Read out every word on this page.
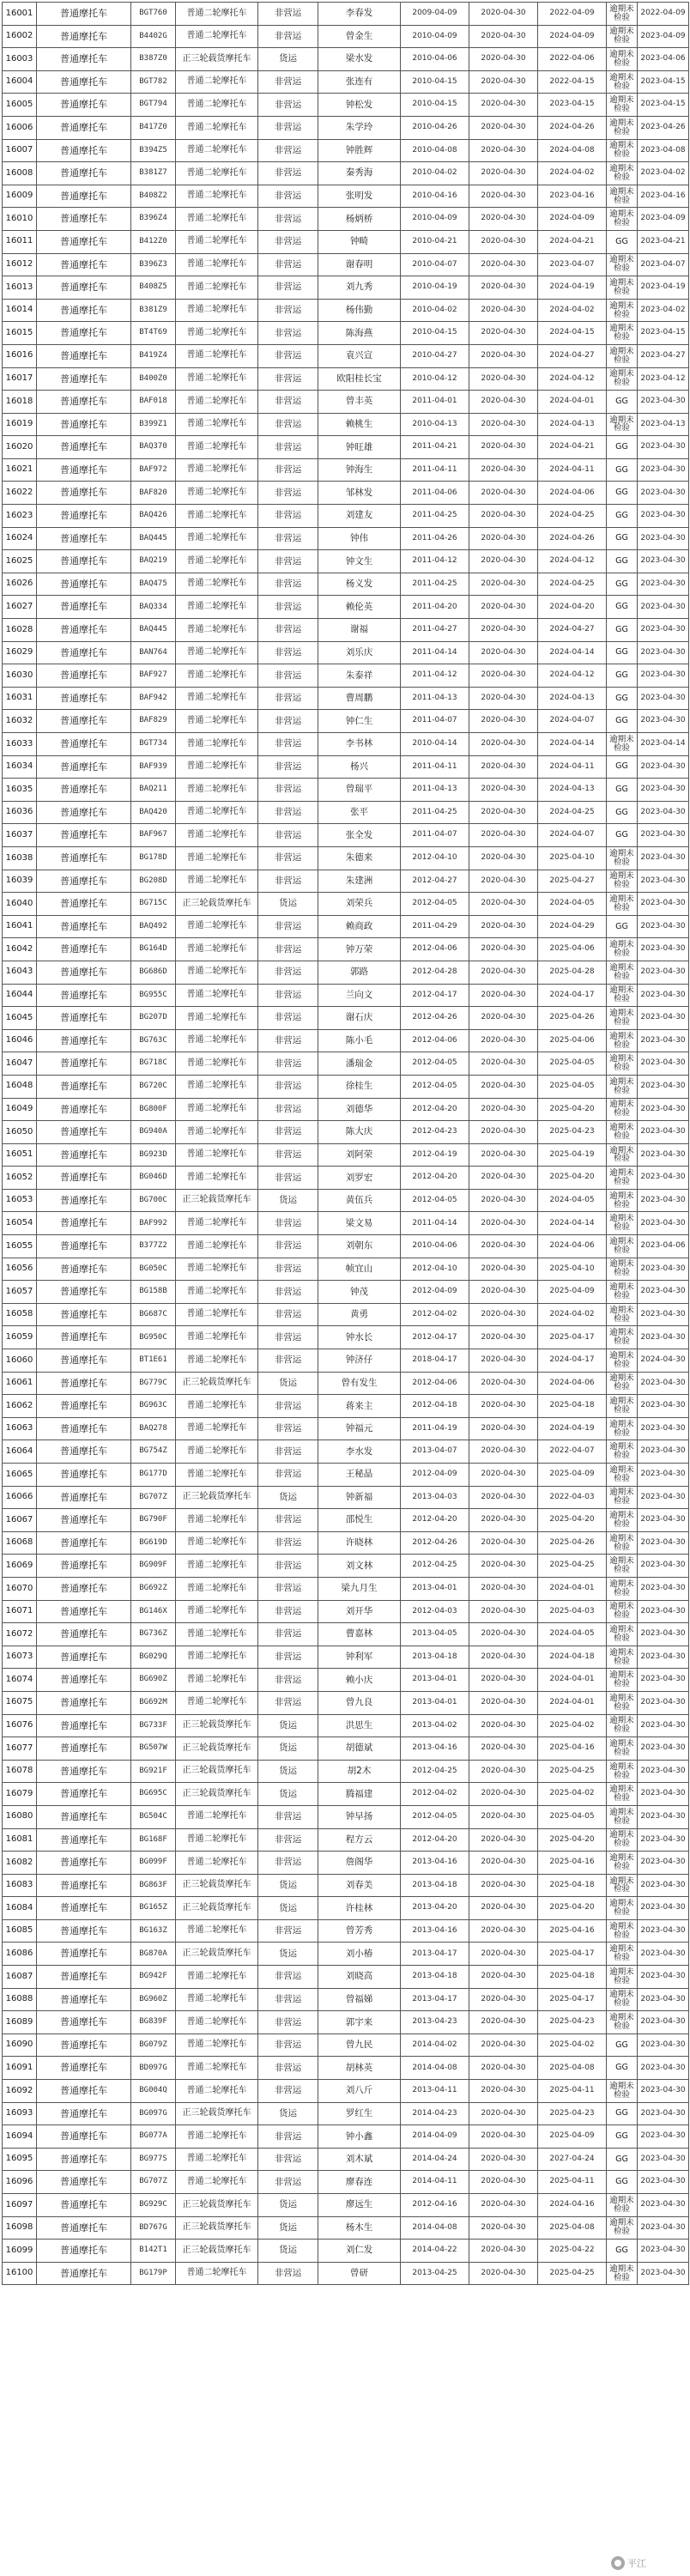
16001	普通摩托车	BGT760	普通二轮摩托车	非营运	李春发	2009-04-09	2020-04-30	2022-04-09	逾期未检验	2022-04-09
16002	普通摩托车	B4402G	普通二轮摩托车	非营运	曾金生	2010-04-09	2020-04-30	2024-04-09	逾期未检验	2023-04-09
16003	普通摩托车	B387Z0	正三轮载货摩托车	货运	梁水发	2010-04-06	2020-04-30	2022-04-06	逾期未检验	2023-04-06
16004	普通摩托车	BGT782	普通二轮摩托车	非营运	张连有	2010-04-15	2020-04-30	2022-04-15	逾期未检验	2023-04-15
16005	普通摩托车	BGT794	普通二轮摩托车	非营运	钟松发	2010-04-15	2020-04-30	2023-04-15	逾期未检验	2023-04-15
16006	普通摩托车	B417Z0	普通二轮摩托车	非营运	朱学玲	2010-04-26	2020-04-30	2024-04-26	逾期未检验	2023-04-26
16007	普通摩托车	B394Z5	普通二轮摩托车	非营运	钟胜辉	2010-04-08	2020-04-30	2024-04-08	逾期未检验	2023-04-08
16008	普通摩托车	B381Z7	普通二轮摩托车	非营运	秦秀海	2010-04-02	2020-04-30	2024-04-02	逾期未检验	2023-04-02
16009	普通摩托车	B408Z2	普通二轮摩托车	非营运	张明发	2010-04-16	2020-04-30	2023-04-16	逾期未检验	2023-04-16
16010	普通摩托车	B396Z4	普通二轮摩托车	非营运	杨炳桥	2010-04-09	2020-04-30	2024-04-09	逾期未检验	2023-04-09
16011	普通摩托车	B412Z0	普通二轮摩托车	非营运	钟畸	2010-04-21	2020-04-30	2024-04-21	GG	2023-04-21
16012	普通摩托车	B396Z3	普通二轮摩托车	非营运	谢春明	2010-04-07	2020-04-30	2023-04-07	逾期未检验	2023-04-07
16013	普通摩托车	B408Z5	普通二轮摩托车	非营运	刘九秀	2010-04-19	2020-04-30	2024-04-19	逾期未检验	2023-04-19
16014	普通摩托车	B381Z9	普通二轮摩托车	非营运	杨伟勤	2010-04-02	2020-04-30	2024-04-02	逾期未检验	2023-04-02
16015	普通摩托车	BT4T69	普通二轮摩托车	非营运	陈海燕	2010-04-15	2020-04-30	2024-04-15	逾期未检验	2023-04-15
16016	普通摩托车	B419Z4	普通二轮摩托车	非营运	袁兴宣	2010-04-27	2020-04-30	2024-04-27	逾期未检验	2023-04-27
16017	普通摩托车	B400Z0	普通二轮摩托车	非营运	欧阳桂长宝	2010-04-12	2020-04-30	2024-04-12	逾期未检验	2023-04-12
16018	普通摩托车	BAF018	普通二轮摩托车	非营运	曾丰英	2011-04-01	2020-04-30	2024-04-01	GG	2023-04-30
16019	普通摩托车	B399Z1	普通二轮摩托车	非营运	赖桃生	2010-04-13	2020-04-30	2024-04-13	逾期未检验	2023-04-13
16020	普通摩托车	BAQ370	普通二轮摩托车	非营运	钟旺雄	2011-04-21	2020-04-30	2024-04-21	GG	2023-04-30
16021	普通摩托车	BAF972	普通二轮摩托车	非营运	钟海生	2011-04-11	2020-04-30	2024-04-11	GG	2023-04-30
16022	普通摩托车	BAF820	普通二轮摩托车	非营运	邹林发	2011-04-06	2020-04-30	2024-04-06	GG	2023-04-30
16023	普通摩托车	BAQ426	普通二轮摩托车	非营运	刘建友	2011-04-25	2020-04-30	2024-04-25	GG	2023-04-30
16024	普通摩托车	BAQ445	普通二轮摩托车	非营运	钟伟	2011-04-26	2020-04-30	2024-04-26	GG	2023-04-30
16025	普通摩托车	BAQ219	普通二轮摩托车	非营运	钟文生	2011-04-12	2020-04-30	2024-04-12	GG	2023-04-30
16026	普通摩托车	BAQ475	普通二轮摩托车	非营运	杨义发	2011-04-25	2020-04-30	2024-04-25	GG	2023-04-30
16027	普通摩托车	BAQ334	普通二轮摩托车	非营运	赖伦英	2011-04-20	2020-04-30	2024-04-20	GG	2023-04-30
16028	普通摩托车	BAQ445	普通二轮摩托车	非营运	谢福	2011-04-27	2020-04-30	2024-04-27	GG	2023-04-30
16029	普通摩托车	BAN764	普通二轮摩托车	非营运	刘乐庆	2011-04-14	2020-04-30	2024-04-14	GG	2023-04-30
16030	普通摩托车	BAF927	普通二轮摩托车	非营运	朱泰祥	2011-04-12	2020-04-30	2024-04-12	GG	2023-04-30
16031	普通摩托车	BAF942	普通二轮摩托车	非营运	曹周鹏	2011-04-13	2020-04-30	2024-04-13	GG	2023-04-30
16032	普通摩托车	BAF829	普通二轮摩托车	非营运	钟仁生	2011-04-07	2020-04-30	2024-04-07	GG	2023-04-30
16033	普通摩托车	BGT734	普通二轮摩托车	非营运	李书林	2010-04-14	2020-04-30	2024-04-14	逾期未检验	2023-04-14
16034	普通摩托车	BAF939	普通二轮摩托车	非营运	杨兴	2011-04-11	2020-04-30	2024-04-11	GG	2023-04-30
16035	普通摩托车	BAQ211	普通二轮摩托车	非营运	曾瑞平	2011-04-13	2020-04-30	2024-04-13	GG	2023-04-30
16036	普通摩托车	BAQ420	普通二轮摩托车	非营运	张平	2011-04-25	2020-04-30	2024-04-25	GG	2023-04-30
16037	普通摩托车	BAF967	普通二轮摩托车	非营运	张全发	2011-04-07	2020-04-30	2024-04-07	GG	2023-04-30
16038	普通摩托车	BG178D	普通二轮摩托车	非营运	朱德来	2012-04-10	2020-04-30	2025-04-10	逾期未检验	2023-04-30
16039	普通摩托车	BG208D	普通二轮摩托车	非营运	朱建洲	2012-04-27	2020-04-30	2025-04-27	逾期未检验	2023-04-30
16040	普通摩托车	BG715C	正三轮载货摩托车	货运	刘荣兵	2012-04-05	2020-04-30	2024-04-05	逾期未检验	2023-04-30
16041	普通摩托车	BAQ492	普通二轮摩托车	非营运	赖商政	2011-04-29	2020-04-30	2024-04-29	GG	2023-04-30
16042	普通摩托车	BG164D	普通二轮摩托车	非营运	钟万荣	2012-04-06	2020-04-30	2025-04-06	逾期未检验	2023-04-30
16043	普通摩托车	BG686D	普通二轮摩托车	非营运	郭路	2012-04-28	2020-04-30	2025-04-28	逾期未检验	2023-04-30
16044	普通摩托车	BG955C	普通二轮摩托车	非营运	兰向文	2012-04-17	2020-04-30	2024-04-17	逾期未检验	2023-04-30
16045	普通摩托车	BG207D	普通二轮摩托车	非营运	谢石庆	2012-04-26	2020-04-30	2025-04-26	逾期未检验	2023-04-30
16046	普通摩托车	BG763C	普通二轮摩托车	非营运	陈小毛	2012-04-06	2020-04-30	2025-04-06	逾期未检验	2023-04-30
16047	普通摩托车	BG718C	普通二轮摩托车	非营运	潘瑞金	2012-04-05	2020-04-30	2025-04-05	逾期未检验	2023-04-30
16048	普通摩托车	BG720C	普通二轮摩托车	非营运	徐桂生	2012-04-05	2020-04-30	2025-04-05	逾期未检验	2023-04-30
16049	普通摩托车	BG800F	普通二轮摩托车	非营运	刘德华	2012-04-20	2020-04-30	2025-04-20	逾期未检验	2023-04-30
16050	普通摩托车	BG940A	普通二轮摩托车	非营运	陈大庆	2012-04-23	2020-04-30	2025-04-23	逾期未检验	2023-04-30
16051	普通摩托车	BG923D	普通二轮摩托车	非营运	刘阿荣	2012-04-19	2020-04-30	2025-04-19	逾期未检验	2023-04-30
16052	普通摩托车	BG046D	普通二轮摩托车	非营运	刘罗宏	2012-04-20	2020-04-30	2025-04-20	逾期未检验	2023-04-30
16053	普通摩托车	BG700C	正三轮载货摩托车	货运	黄伍兵	2012-04-05	2020-04-30	2024-04-05	逾期未检验	2023-04-30
16054	普通摩托车	BAF992	普通二轮摩托车	非营运	梁文易	2011-04-14	2020-04-30	2024-04-14	逾期未检验	2023-04-30
16055	普通摩托车	B377Z2	普通二轮摩托车	非营运	刘朝东	2010-04-06	2020-04-30	2024-04-06	逾期未检验	2023-04-06
16056	普通摩托车	BG050C	普通二轮摩托车	非营运	帧宜山	2012-04-10	2020-04-30	2025-04-10	逾期未检验	2023-04-30
16057	普通摩托车	BG158B	普通二轮摩托车	非营运	钟茂	2012-04-09	2020-04-30	2025-04-09	逾期未检验	2023-04-30
16058	普通摩托车	BG687C	普通二轮摩托车	非营运	黄勇	2012-04-02	2020-04-30	2024-04-02	逾期未检验	2023-04-30
16059	普通摩托车	BG950C	普通二轮摩托车	非营运	钟水长	2012-04-17	2020-04-30	2025-04-17	逾期未检验	2023-04-30
16060	普通摩托车	BT1E61	普通二轮摩托车	非营运	钟济仔	2018-04-17	2020-04-30	2024-04-17	逾期未检验	2024-04-30
16061	普通摩托车	BG779C	正三轮载货摩托车	货运	曾有发生	2012-04-06	2020-04-30	2024-04-06	逾期未检验	2023-04-30
16062	普通摩托车	BG963C	普通二轮摩托车	非营运	蒋来主	2012-04-18	2020-04-30	2025-04-18	逾期未检验	2023-04-30
16063	普通摩托车	BAQ278	普通二轮摩托车	非营运	钟福元	2011-04-19	2020-04-30	2024-04-19	逾期未检验	2023-04-30
16064	普通摩托车	BG754Z	普通二轮摩托车	非营运	李水发	2013-04-07	2020-04-30	2022-04-07	逾期未检验	2023-04-30
16065	普通摩托车	BG177D	普通二轮摩托车	非营运	王秘晶	2012-04-09	2020-04-30	2025-04-09	逾期未检验	2023-04-30
16066	普通摩托车	BG707Z	正三轮载货摩托车	货运	钟新福	2013-04-03	2020-04-30	2022-04-03	逾期未检验	2023-04-30
16067	普通摩托车	BG790F	普通二轮摩托车	非营运	邵悦生	2012-04-20	2020-04-30	2025-04-20	逾期未检验	2023-04-30
16068	普通摩托车	BG619D	普通二轮摩托车	非营运	许晓林	2012-04-26	2020-04-30	2025-04-26	逾期未检验	2023-04-30
16069	普通摩托车	BG909F	普通二轮摩托车	非营运	刘文林	2012-04-25	2020-04-30	2025-04-25	逾期未检验	2023-04-30
16070	普通摩托车	BG692Z	普通二轮摩托车	非营运	梁九月生	2013-04-01	2020-04-30	2024-04-01	逾期未检验	2023-04-30
16071	普通摩托车	BG146X	普通二轮摩托车	非营运	刘开华	2012-04-03	2020-04-30	2025-04-03	逾期未检验	2023-04-30
16072	普通摩托车	BG736Z	普通二轮摩托车	非营运	曹嘉林	2013-04-05	2020-04-30	2024-04-05	逾期未检验	2023-04-30
16073	普通摩托车	BG029Q	普通二轮摩托车	非营运	钟利军	2013-04-18	2020-04-30	2024-04-18	逾期未检验	2023-04-30
16074	普通摩托车	BG690Z	普通二轮摩托车	非营运	赖小庆	2013-04-01	2020-04-30	2024-04-01	逾期未检验	2023-04-30
16075	普通摩托车	BG692M	普通二轮摩托车	非营运	曾九良	2013-04-01	2020-04-30	2024-04-01	逾期未检验	2023-04-30
16076	普通摩托车	BG733F	正三轮载货摩托车	货运	洪思生	2013-04-02	2020-04-30	2025-04-02	逾期未检验	2023-04-30
16077	普通摩托车	BG507W	正三轮载货摩托车	货运	胡德斌	2013-04-16	2020-04-30	2025-04-16	逾期未检验	2023-04-30
16078	普通摩托车	BG921F	正三轮载货摩托车	货运	胡2木	2012-04-25	2020-04-30	2025-04-25	逾期未检验	2023-04-30
16079	普通摩托车	BG695C	正三轮载货摩托车	货运	腾福建	2012-04-02	2020-04-30	2025-04-02	逾期未检验	2023-04-30
16080	普通摩托车	BG504C	普通二轮摩托车	非营运	钟早扬	2012-04-05	2020-04-30	2025-04-05	逾期未检验	2023-04-30
16081	普通摩托车	BG168F	普通二轮摩托车	非营运	程方云	2012-04-20	2020-04-30	2025-04-20	逾期未检验	2023-04-30
16082	普通摩托车	BG099F	普通二轮摩托车	非营运	詹阁华	2013-04-16	2020-04-30	2025-04-16	逾期未检验	2023-04-30
16083	普通摩托车	BG863F	正三轮载货摩托车	货运	刘春美	2013-04-18	2020-04-30	2025-04-18	逾期未检验	2023-04-30
16084	普通摩托车	BG165Z	正三轮载货摩托车	货运	许桂林	2013-04-20	2020-04-30	2025-04-20	逾期未检验	2023-04-30
16085	普通摩托车	BG163Z	普通二轮摩托车	非营运	曾芳秀	2013-04-16	2020-04-30	2025-04-16	逾期未检验	2023-04-30
16086	普通摩托车	BG870A	正三轮载货摩托车	货运	刘小椿	2013-04-17	2020-04-30	2025-04-17	逾期未检验	2023-04-30
16087	普通摩托车	BG942F	普通二轮摩托车	非营运	刘晓高	2013-04-18	2020-04-30	2025-04-18	逾期未检验	2023-04-30
16088	普通摩托车	BG960Z	普通二轮摩托车	非营运	曾福娣	2013-04-17	2020-04-30	2025-04-17	逾期未检验	2023-04-30
16089	普通摩托车	BG839F	普通二轮摩托车	非营运	郭宇来	2013-04-23	2020-04-30	2025-04-23	逾期未检验	2023-04-30
16090	普通摩托车	BG079Z	普通二轮摩托车	非营运	曾九民	2014-04-02	2020-04-30	2025-04-02	GG	2023-04-30
16091	普通摩托车	BD097G	普通二轮摩托车	非营运	胡林英	2014-04-08	2020-04-30	2025-04-08	GG	2023-04-30
16092	普通摩托车	BG004Q	普通二轮摩托车	非营运	刘八斤	2013-04-11	2020-04-30	2025-04-11	逾期未检验	2023-04-30
16093	普通摩托车	BG097G	正三轮载货摩托车	货运	罗红生	2014-04-23	2020-04-30	2025-04-23	GG	2023-04-30
16094	普通摩托车	BG077A	普通二轮摩托车	非营运	钟小鑫	2014-04-09	2020-04-30	2025-04-09	GG	2023-04-30
16095	普通摩托车	BG977S	普通二轮摩托车	非营运	刘木斌	2014-04-24	2020-04-30	2027-04-24	GG	2023-04-30
16096	普通摩托车	BG707Z	普通二轮摩托车	非营运	廖春连	2014-04-11	2020-04-30	2025-04-11	GG	2023-04-30
16097	普通摩托车	BG929C	正三轮载货摩托车	货运	廖远生	2012-04-16	2020-04-30	2024-04-16	逾期未检验	2023-04-30
16098	普通摩托车	BD767G	正三轮载货摩托车	货运	杨木生	2014-04-08	2020-04-30	2025-04-08	逾期未检验	2023-04-30
16099	普通摩托车	B142T1	正三轮载货摩托车	货运	刘仁发	2014-04-22	2020-04-30	2025-04-22	GG	2023-04-30
16100	普通摩托车	BG179P	普通二轮摩托车	非营运	曾研	2013-04-25	2020-04-30	2025-04-25	逾期未检验	2023-04-30
平江
